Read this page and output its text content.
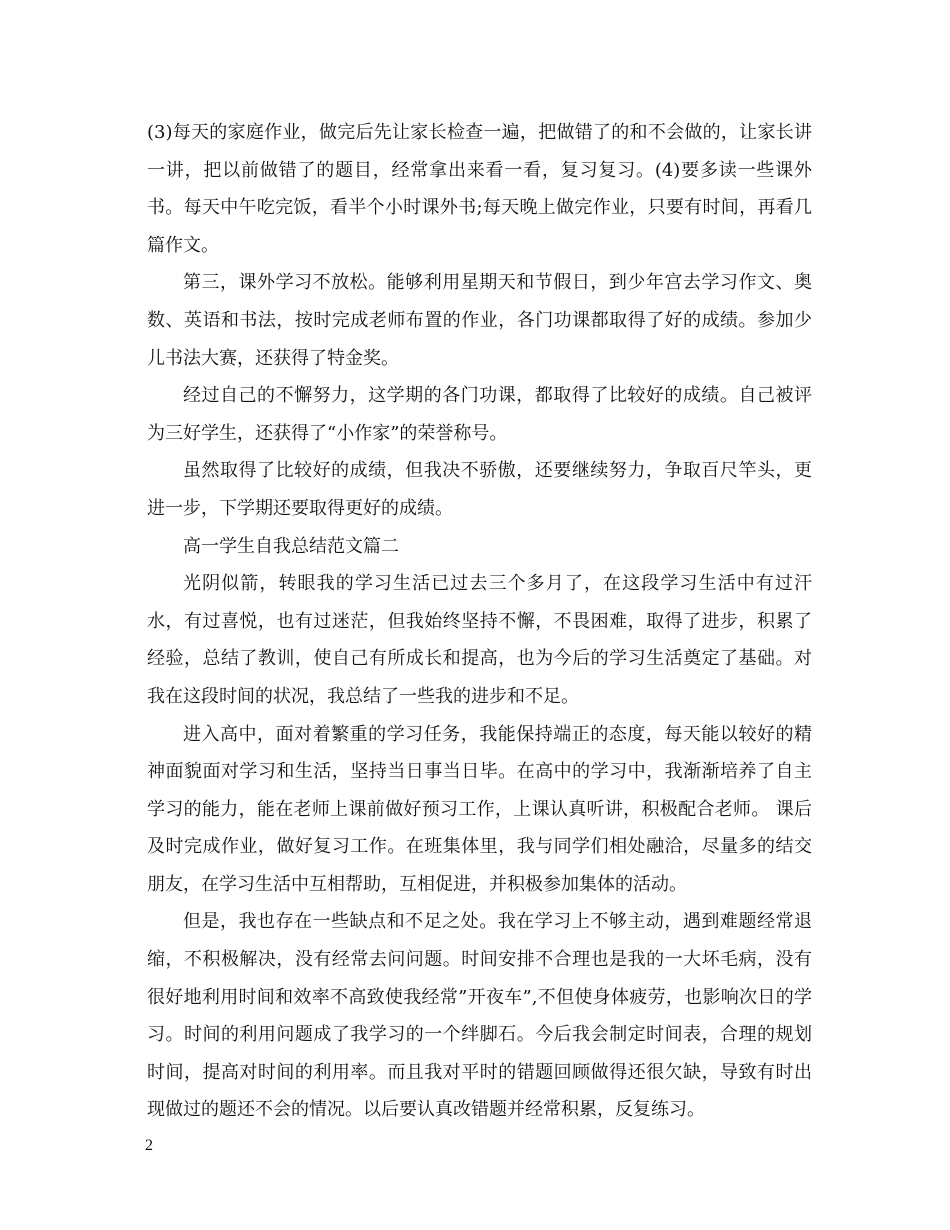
(3)每天的家庭作业，做完后先让家长检查一遍，把做错了的和不会做的，让家长讲一讲，把以前做错了的题目，经常拿出来看一看，复习复习。(4)要多读一些课外书。每天中午吃完饭，看半个小时课外书;每天晚上做完作业，只要有时间，再看几篇作文。

第三，课外学习不放松。能够利用星期天和节假日，到少年宫去学习作文、奥数、英语和书法，按时完成老师布置的作业，各门功课都取得了好的成绩。参加少儿书法大赛，还获得了特金奖。

经过自己的不懈努力，这学期的各门功课，都取得了比较好的成绩。自己被评为三好学生，还获得了“小作家”的荣誉称号。

虽然取得了比较好的成绩，但我决不骄傲，还要继续努力，争取百尺竿头，更进一步，下学期还要取得更好的成绩。

高一学生自我总结范文篇二

光阴似箭，转眼我的学习生活已过去三个多月了，在这段学习生活中有过汗水，有过喜悦，也有过迷茫，但我始终坚持不懈，不畏困难，取得了进步，积累了经验，总结了教训，使自己有所成长和提高，也为今后的学习生活奠定了基础。对我在这段时间的状况，我总结了一些我的进步和不足。

进入高中，面对着繁重的学习任务，我能保持端正的态度，每天能以较好的精神面貌面对学习和生活，坚持当日事当日毕。在高中的学习中，我渐渐培养了自主学习的能力，能在老师上课前做好预习工作，上课认真听讲，积极配合老师。 课后及时完成作业，做好复习工作。在班集体里，我与同学们相处融洽，尽量多的结交朋友，在学习生活中互相帮助，互相促进，并积极参加集体的活动。

但是，我也存在一些缺点和不足之处。我在学习上不够主动，遇到难题经常退缩，不积极解决，没有经常去问问题。时间安排不合理也是我的一大坏毛病，没有很好地利用时间和效率不高致使我经常”开夜车”,不但使身体疲劳，也影响次日的学习。时间的利用问题成了我学习的一个绊脚石。今后我会制定时间表，合理的规划时间，提高对时间的利用率。而且我对平时的错题回顾做得还很欠缺，导致有时出现做过的题还不会的情况。以后要认真改错题并经常积累，反复练习。

2
